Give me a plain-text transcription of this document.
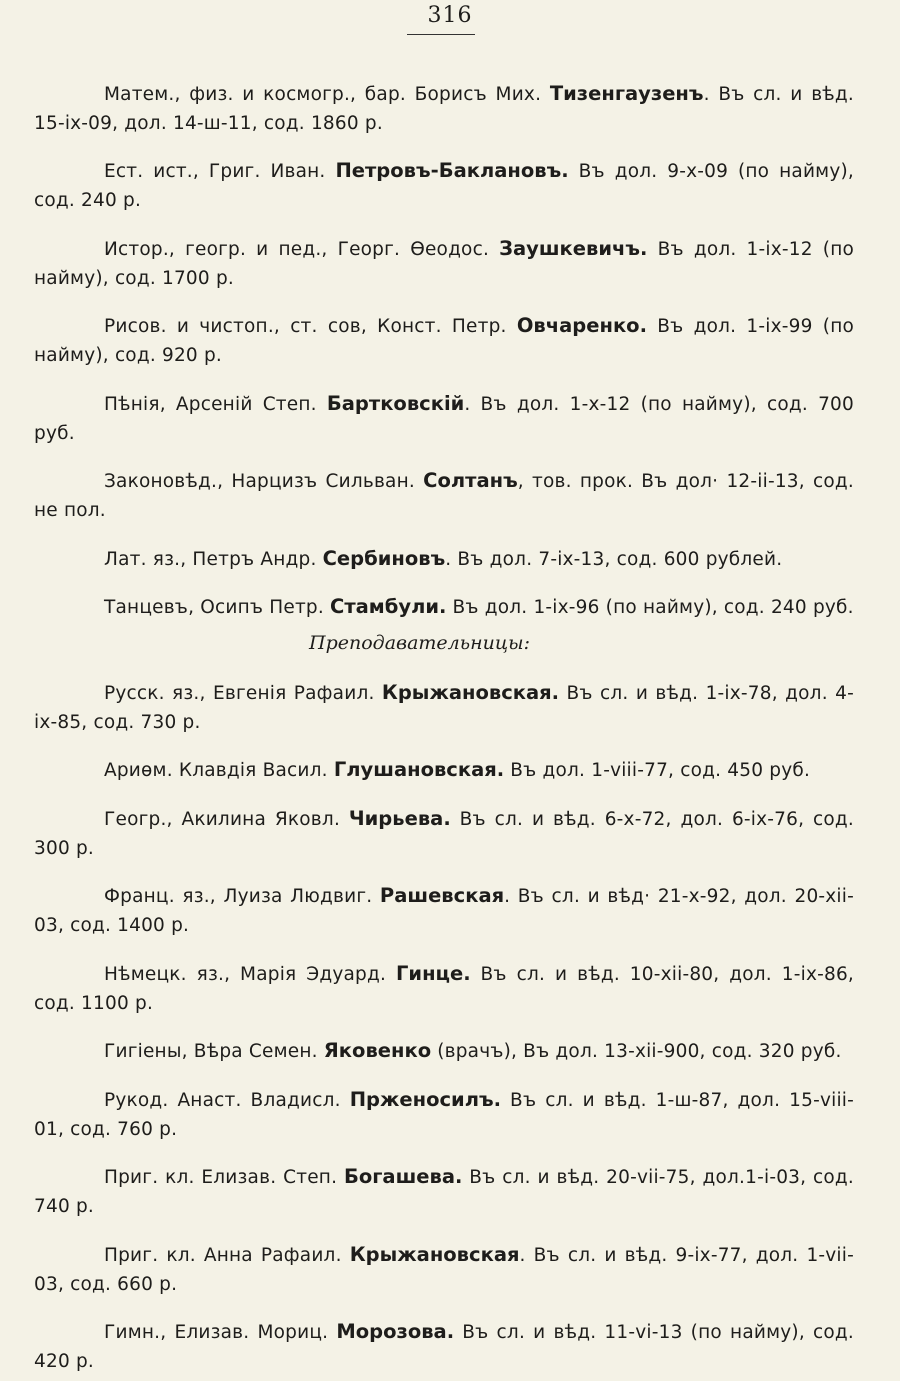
316

Матем., физ. и космогр., бар. Борисъ Мих. Тизенгаузенъ. Въ сл. и вѣд. 15-ix-09, дол. 14-ш-11, сод. 1860 р.

Ест. ист., Григ. Иван. Петровъ-Баклановъ. Въ дол. 9-х-09 (по найму), сод. 240 р.

Истор., геогр. и пед., Георг. Өеодос. Заушкевичъ. Въ дол. 1-ix-12 (по найму), сод. 1700 р.

Рисов. и чистоп., ст. сов, Конст. Петр. Овчаренко. Въ дол. 1-ix-99 (по найму), сод. 920 р.

Пѣнія, Арсеній Степ. Бартковскій. Въ дол. 1-х-12 (по найму), сод. 700 руб.

Законовѣд., Нарцизъ Сильван. Солтанъ, тов. прок. Въ дол· 12-ii-13, сод. не пол.

Лат. яз., Петръ Андр. Сербиновъ. Въ дол. 7-ix-13, сод. 600 рублей.

Танцевъ, Осипъ Петр. Стамбули. Въ дол. 1-ix-96 (по найму), сод. 240 руб.

Преподавательницы:

Русск. яз., Евгенія Рафаил. Крыжановская. Въ сл. и вѣд. 1-ix-78, дол. 4-ix-85, сод. 730 р.

Ариөм. Клавдія Васил. Глушановская. Въ дол. 1-viii-77, сод. 450 руб.

Геогр., Акилина Яковл. Чирьева. Въ сл. и вѣд. 6-х-72, дол. 6-ix-76, сод. 300 р.

Франц. яз., Луиза Людвиг. Рашевская. Въ сл. и вѣд· 21-х-92, дол. 20-xii-03, сод. 1400 р.

Нѣмецк. яз., Марія Эдуард. Гинце. Въ сл. и вѣд. 10-xii-80, дол. 1-ix-86, сод. 1100 р.

Гигіены, Вѣра Семен. Яковенко (врачъ), Въ дол. 13-xii-900, сод. 320 руб.

Рукод. Анаст. Владисл. Прженосилъ. Въ сл. и вѣд. 1-ш-87, дол. 15-viii-01, сод. 760 р.

Приг. кл. Елизав. Степ. Богашева. Въ сл. и вѣд. 20-vii-75, дол.1-i-03, сод. 740 р.

Приг. кл. Анна Рафаил. Крыжановская. Въ сл. и вѣд. 9-ix-77, дол. 1-vii-03, сод. 660 р.

Гимн., Елизав. Мориц. Морозова. Въ сл. и вѣд. 11-vi-13 (по найму), сод. 420 р.
